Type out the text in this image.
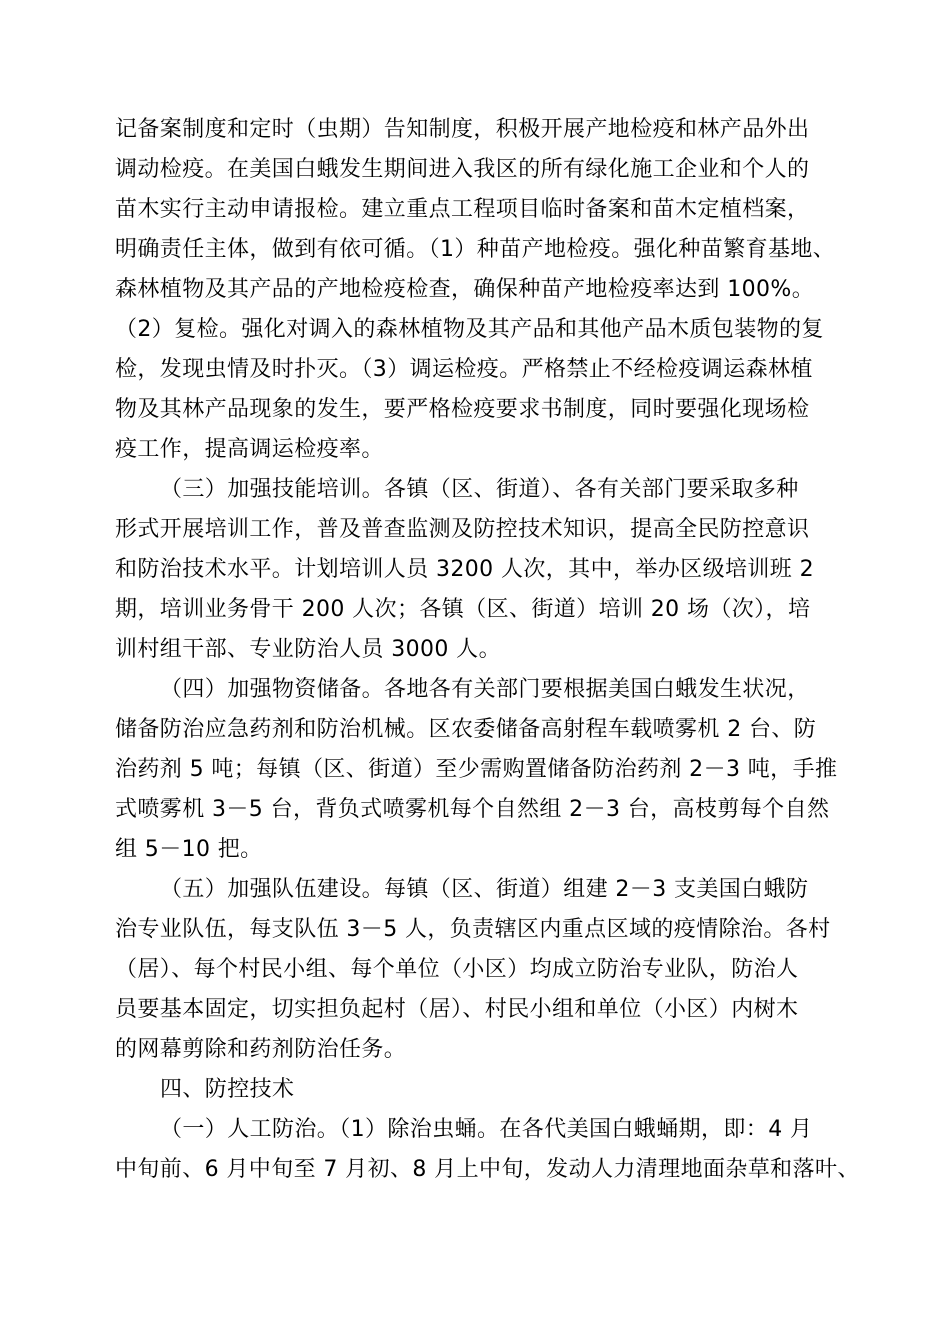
记备案制度和定时（虫期）告知制度，积极开展产地检疫和林产品外出
调动检疫。在美国白蛾发生期间进入我区的所有绿化施工企业和个人的
苗木实行主动申请报检。建立重点工程项目临时备案和苗木定植档案，
明确责任主体，做到有依可循。（1）种苗产地检疫。强化种苗繁育基地、
森林植物及其产品的产地检疫检查，确保种苗产地检疫率达到 100%。
（2）复检。强化对调入的森林植物及其产品和其他产品木质包装物的复
检，发现虫情及时扑灭。（3）调运检疫。严格禁止不经检疫调运森林植
物及其林产品现象的发生，要严格检疫要求书制度，同时要强化现场检
疫工作，提高调运检疫率。
（三）加强技能培训。各镇（区、街道）、各有关部门要采取多种
形式开展培训工作，普及普查监测及防控技术知识，提高全民防控意识
和防治技术水平。计划培训人员 3200 人次，其中，举办区级培训班 2
期，培训业务骨干 200 人次；各镇（区、街道）培训 20 场（次），培
训村组干部、专业防治人员 3000 人。
（四）加强物资储备。各地各有关部门要根据美国白蛾发生状况，
储备防治应急药剂和防治机械。区农委储备高射程车载喷雾机 2 台、防
治药剂 5 吨；每镇（区、街道）至少需购置储备防治药剂 2－3 吨，手推
式喷雾机 3－5 台，背负式喷雾机每个自然组 2－3 台，高枝剪每个自然
组 5－10 把。
（五）加强队伍建设。每镇（区、街道）组建 2－3 支美国白蛾防
治专业队伍，每支队伍 3－5 人，负责辖区内重点区域的疫情除治。各村
（居）、每个村民小组、每个单位（小区）均成立防治专业队，防治人
员要基本固定，切实担负起村（居）、村民小组和单位（小区）内树木
的网幕剪除和药剂防治任务。
四、防控技术
（一）人工防治。（1）除治虫蛹。在各代美国白蛾蛹期，即：4 月
中旬前、6 月中旬至 7 月初、8 月上中旬，发动人力清理地面杂草和落叶、
